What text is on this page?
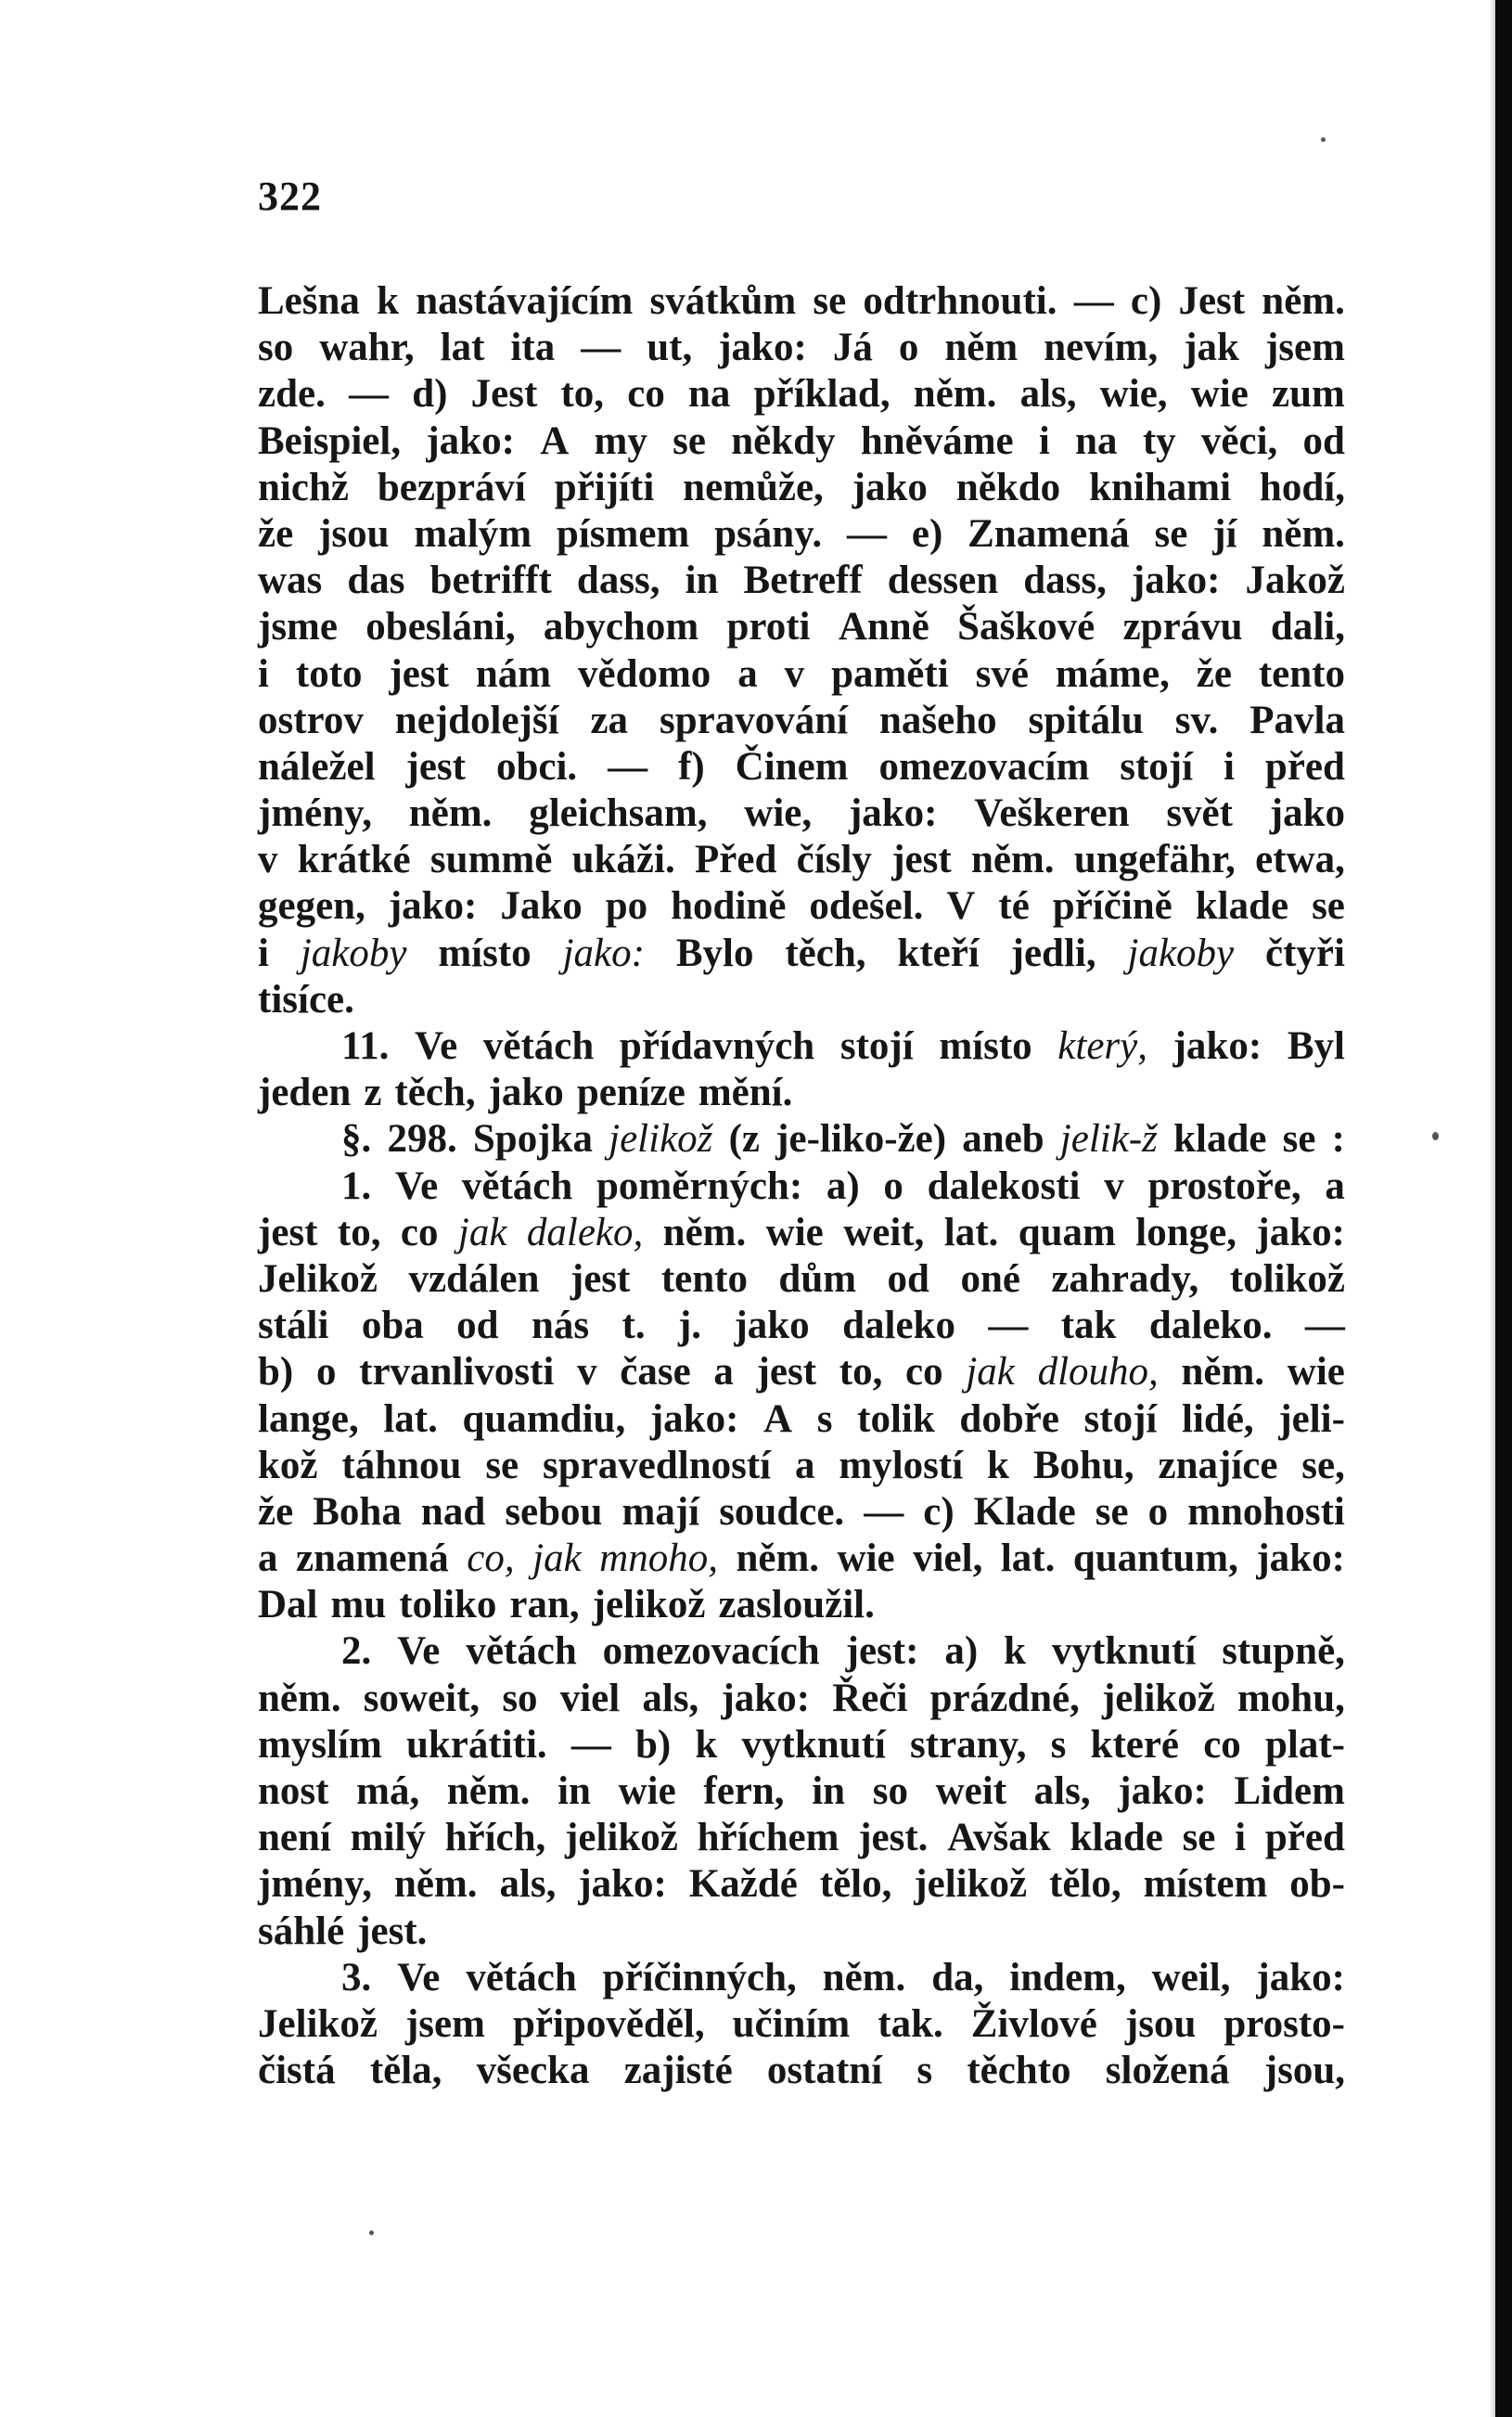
322
Lešna k nastávajícím svátkům se odtrhnouti. — c) Jest něm.
so wahr, lat ita — ut, jako: Já o něm nevím, jak jsem
zde. — d) Jest to, co na příklad, něm. als, wie, wie zum
Beispiel, jako: A my se někdy hněváme i na ty věci, od
nichž bezpráví přijíti nemůže, jako někdo knihami hodí,
že jsou malým písmem psány. — e) Znamená se jí něm.
was das betrifft dass, in Betreff dessen dass, jako: Jakož
jsme obesláni, abychom proti Anně Šaškové zprávu dali,
i toto jest nám vědomo a v paměti své máme, že tento
ostrov nejdolejší za spravování našeho spitálu sv. Pavla
náležel jest obci. — f) Činem omezovacím stojí i před
jmény, něm. gleichsam, wie, jako: Veškeren svět jako
v krátké summě ukáži. Před čísly jest něm. ungefähr, etwa,
gegen, jako: Jako po hodině odešel. V té příčině klade se
i jakoby místo jako: Bylo těch, kteří jedli, jakoby čtyři
tisíce.
11. Ve větách přídavných stojí místo který, jako: Byl
jeden z těch, jako peníze mění.
§. 298. Spojka jelikož (z je-liko-že) aneb jelik-ž klade se :
1. Ve větách poměrných: a) o dalekosti v prostoře, a
jest to, co jak daleko, něm. wie weit, lat. quam longe, jako:
Jelikož vzdálen jest tento dům od oné zahrady, tolikož
stáli oba od nás t. j. jako daleko — tak daleko. —
b) o trvanlivosti v čase a jest to, co jak dlouho, něm. wie
lange, lat. quamdiu, jako: A s tolik dobře stojí lidé, jeli-
kož táhnou se spravedlností a mylostí k Bohu, znajíce se,
že Boha nad sebou mají soudce. — c) Klade se o mnohosti
a znamená co, jak mnoho, něm. wie viel, lat. quantum, jako:
Dal mu toliko ran, jelikož zasloužil.
2. Ve větách omezovacích jest: a) k vytknutí stupně,
něm. soweit, so viel als, jako: Řeči prázdné, jelikož mohu,
myslím ukrátiti. — b) k vytknutí strany, s které co plat-
nost má, něm. in wie fern, in so weit als, jako: Lidem
není milý hřích, jelikož hříchem jest. Avšak klade se i před
jmény, něm. als, jako: Každé tělo, jelikož tělo, místem ob-
sáhlé jest.
3. Ve větách příčinných, něm. da, indem, weil, jako:
Jelikož jsem připověděl, učiním tak. Živlové jsou prosto-
čistá těla, všecka zajisté ostatní s těchto složená jsou,
